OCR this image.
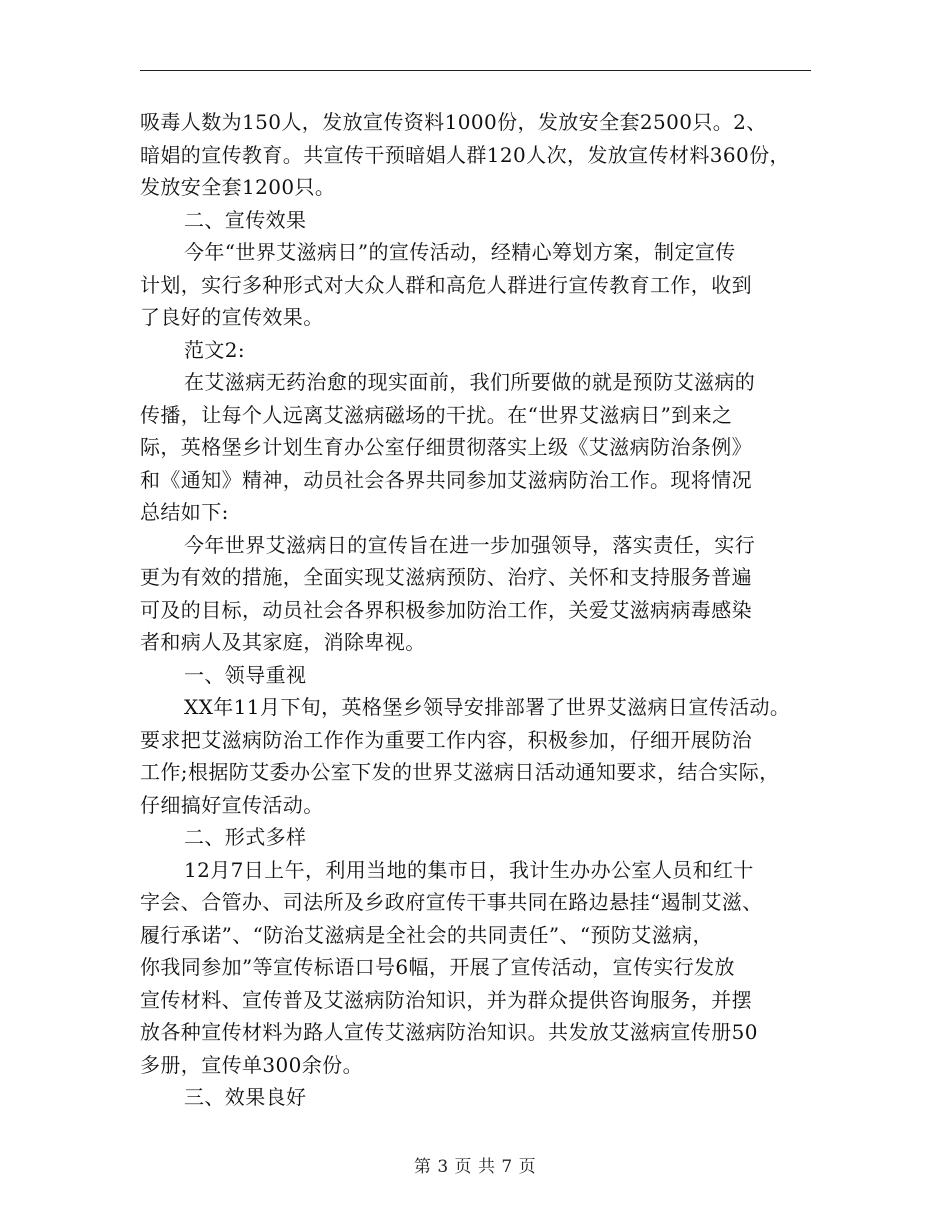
吸毒人数为150人，发放宣传资料1000份，发放安全套2500只。2、
暗娼的宣传教育。共宣传干预暗娼人群120人次，发放宣传材料360份，
发放安全套1200只。
二、宣传效果
今年“世界艾滋病日”的宣传活动，经精心筹划方案，制定宣传
计划，实行多种形式对大众人群和高危人群进行宣传教育工作，收到
了良好的宣传效果。
范文2:
在艾滋病无药治愈的现实面前，我们所要做的就是预防艾滋病的
传播，让每个人远离艾滋病磁场的干扰。在“世界艾滋病日”到来之
际，英格堡乡计划生育办公室仔细贯彻落实上级《艾滋病防治条例》
和《通知》精神，动员社会各界共同参加艾滋病防治工作。现将情况
总结如下:
今年世界艾滋病日的宣传旨在进一步加强领导，落实责任，实行
更为有效的措施，全面实现艾滋病预防、治疗、关怀和支持服务普遍
可及的目标，动员社会各界积极参加防治工作，关爱艾滋病病毒感染
者和病人及其家庭，消除卑视。
一、领导重视
XX年11月下旬，英格堡乡领导安排部署了世界艾滋病日宣传活动。
要求把艾滋病防治工作作为重要工作内容，积极参加，仔细开展防治
工作;根据防艾委办公室下发的世界艾滋病日活动通知要求，结合实际，
仔细搞好宣传活动。
二、形式多样
12月7日上午，利用当地的集市日，我计生办办公室人员和红十
字会、合管办、司法所及乡政府宣传干事共同在路边悬挂“遏制艾滋、
履行承诺”、“防治艾滋病是全社会的共同责任”、“预防艾滋病，
你我同参加”等宣传标语口号6幅，开展了宣传活动，宣传实行发放
宣传材料、宣传普及艾滋病防治知识，并为群众提供咨询服务，并摆
放各种宣传材料为路人宣传艾滋病防治知识。共发放艾滋病宣传册50
多册，宣传单300余份。
三、效果良好
第 3 页 共 7 页
